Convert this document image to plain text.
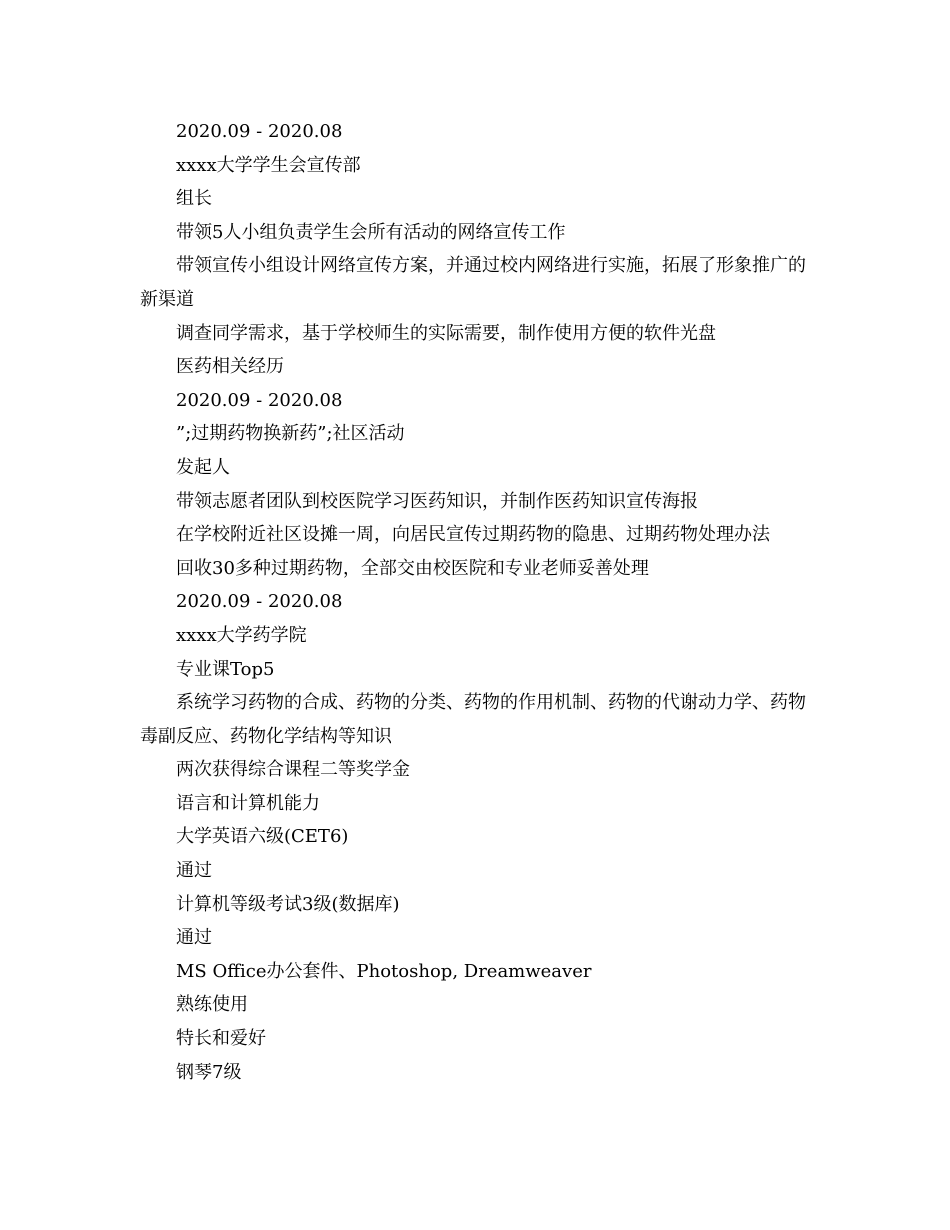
2020.09 - 2020.08

xxxx大学学生会宣传部

组长

带领5人小组负责学生会所有活动的网络宣传工作

带领宣传小组设计网络宣传方案，并通过校内网络进行实施，拓展了形象推广的新渠道

调查同学需求，基于学校师生的实际需要，制作使用方便的软件光盘

医药相关经历

2020.09 - 2020.08

”;过期药物换新药”;社区活动

发起人

带领志愿者团队到校医院学习医药知识，并制作医药知识宣传海报

在学校附近社区设摊一周，向居民宣传过期药物的隐患、过期药物处理办法

回收30多种过期药物，全部交由校医院和专业老师妥善处理

2020.09 - 2020.08

xxxx大学药学院

专业课Top5

系统学习药物的合成、药物的分类、药物的作用机制、药物的代谢动力学、药物毒副反应、药物化学结构等知识

两次获得综合课程二等奖学金

语言和计算机能力

大学英语六级(CET6)

通过

计算机等级考试3级(数据库)

通过

MS Office办公套件、Photoshop, Dreamweaver

熟练使用

特长和爱好

钢琴7级
